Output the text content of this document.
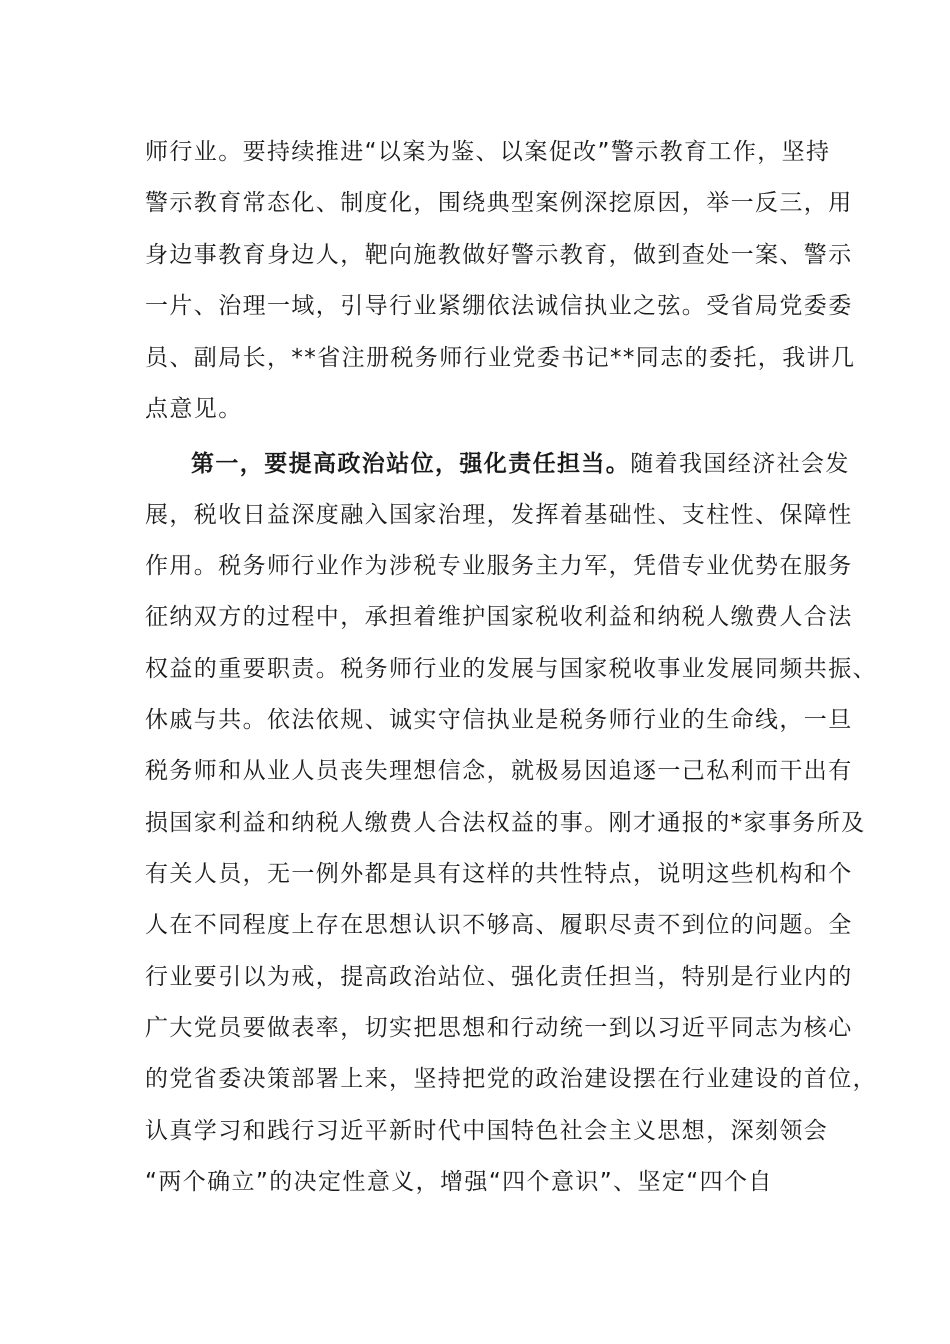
师行业。要持续推进“以案为鉴、以案促改”警示教育工作，坚持
警示教育常态化、制度化，围绕典型案例深挖原因，举一反三，用
身边事教育身边人，靶向施教做好警示教育，做到查处一案、警示
一片、治理一域，引导行业紧绷依法诚信执业之弦。受省局党委委
员、副局长，**省注册税务师行业党委书记**同志的委托，我讲几
点意见。
第一，要提高政治站位，强化责任担当。随着我国经济社会发
展，税收日益深度融入国家治理，发挥着基础性、支柱性、保障性
作用。税务师行业作为涉税专业服务主力军，凭借专业优势在服务
征纳双方的过程中，承担着维护国家税收利益和纳税人缴费人合法
权益的重要职责。税务师行业的发展与国家税收事业发展同频共振、
休戚与共。依法依规、诚实守信执业是税务师行业的生命线，一旦
税务师和从业人员丧失理想信念，就极易因追逐一己私利而干出有
损国家利益和纳税人缴费人合法权益的事。刚才通报的*家事务所及
有关人员，无一例外都是具有这样的共性特点，说明这些机构和个
人在不同程度上存在思想认识不够高、履职尽责不到位的问题。全
行业要引以为戒，提高政治站位、强化责任担当，特别是行业内的
广大党员要做表率，切实把思想和行动统一到以习近平同志为核心
的党省委决策部署上来，坚持把党的政治建设摆在行业建设的首位，
认真学习和践行习近平新时代中国特色社会主义思想，深刻领会
“两个确立”的决定性意义，增强“四个意识”、坚定“四个自
